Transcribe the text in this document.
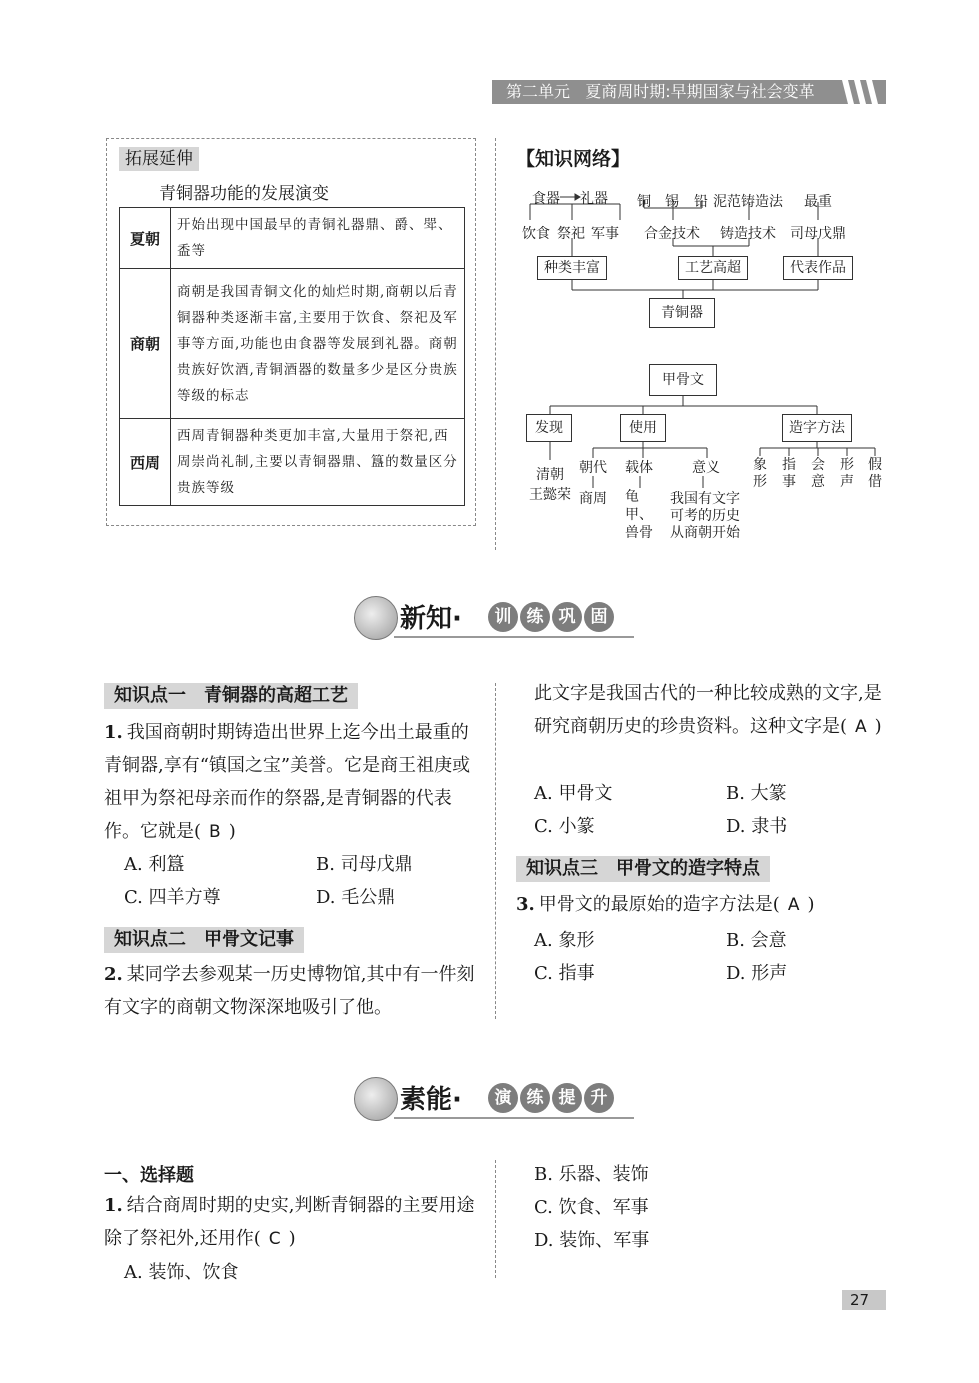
第二单元 夏商周时期:早期国家与社会变革
拓展延伸
青铜器功能的发展演变
夏朝	开始出现中国最早的青铜礼器鼎、爵、斝、盉等
商朝	商朝是我国青铜文化的灿烂时期,商朝以后青铜器种类逐渐丰富,主要用于饮食、祭祀及军事等方面,功能也由食器等发展到礼器。商朝贵族好饮酒,青铜酒器的数量多少是区分贵族等级的标志
西周	西周青铜器种类更加丰富,大量用于祭祀,西周崇尚礼制,主要以青铜器鼎、簋的数量区分贵族等级
【知识网络】
食器 礼器
饮食 祭祀 军事
铜 锡 铅 泥范铸造法 最重
合金技术 铸造技术 司母戊鼎
种类丰富	工艺高超	代表作品
青铜器
甲骨文
发现	使用	造字方法
清朝
王懿荣
朝代
商周
载体
龟甲、兽骨
意义
我国有文字
可考的历史
从商朝开始
象形
指事
会意
形声
假借
新知·	训 练 巩 固
知识点一　青铜器的高超工艺
1. 我国商朝时期铸造出世界上迄今出土最重的青铜器,享有“镇国之宝”美誉。它是商王祖庚或祖甲为祭祀母亲而作的祭器,是青铜器的代表作。它就是( B )
A. 利簋	B. 司母戊鼎
C. 四羊方尊	D. 毛公鼎
知识点二　甲骨文记事
2. 某同学去参观某一历史博物馆,其中有一件刻有文字的商朝文物深深地吸引了他。
此文字是我国古代的一种比较成熟的文字,是研究商朝历史的珍贵资料。这种文字是( A )
A. 甲骨文	B. 大篆
C. 小篆	D. 隶书
知识点三　甲骨文的造字特点
3. 甲骨文的最原始的造字方法是( A )
A. 象形	B. 会意
C. 指事	D. 形声
素能·	演 练 提 升
一、选择题
1. 结合商周时期的史实,判断青铜器的主要用途除了祭祀外,还用作( C )
A. 装饰、饮食
B. 乐器、装饰
C. 饮食、军事
D. 装饰、军事
27
